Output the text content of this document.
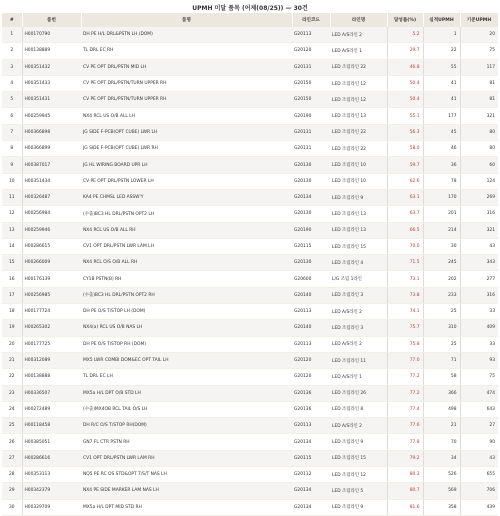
UPMH 미달 품목 (어제(08/25)) — 30건
#	품번	품명	라인코드	라인명	달성률(%)	실적UPMH	기준UPMH
1	H00170790	DH PE H/L DRL&PSTN LH (DOM)	G20113	LED A/S라인 2	5.2	1	20
2	H00138889	TL DRL EC RH	G20120	LED A/S라인 1	29.7	22	75
3	H00351432	CV PE OPT DRL/PSTN MID LH	G20131	LED 조립라인 22	46.8	55	117
4	H00351433	CV PE OPT DRL/PSTN/TURN UPPER RH	G20150	LED 조립라인 12	50.4	41	81
5	H00351431	CV PE OPT DRL/PSTN/TURN UPPER RH	G20150	LED 조립라인 12	50.4	41	81
6	H00259945	NX4 RCL US O/B ALL LH	G20190	LED 조립라인 13	55.1	177	321
7	H00366898	JG SIDE F-PCB(OPT CUBE) LWR LH	G20131	LED 조립라인 22	56.3	45	80
8	H00366899	JG SIDE F-PCB(OPT CUBE) LWR RH	G20131	LED 조립라인 22	58.0	46	80
9	H00387017	JG HL WIRING BOARD UPR LH	G20130	LED 조립라인 10	59.7	36	60
10	H00351434	CV PE OPT DRL/PSTN LOWER LH	G20130	LED 조립라인 10	62.6	78	124
11	H00326487	KA4 PE CHMSL LED ASSW'Y	G20134	LED 조립라인 9	63.1	170	269
12	H00256984	(수출)BC3 HL DRL/PSTN OPT2 LH	G20130	LED 조립라인 13	63.7	201	316
13	H00259946	NX4 RCL US O/B ALL RH	G20190	LED 조립라인 13	66.5	214	321
14	H00286615	CV1 OPT DRL/PSTN LWR LAM LH	G20115	LED 조립라인 15	70.0	30	43
15	H00266009	NX4 RCL O/S O/B ALL RH	G20130	LED 조립라인 4	71.5	245	343
16	H00176139	CY1B PSTN(B) RH	G20600	L/G 조립 1라인	73.1	202	277
17	H00256985	(수출)BC3 HL DRL/PSTN OPT2 RH	G20140	LED 조립라인 3	73.8	233	316
18	H00177724	DH PE O/S T/STOP LH (DOM)	G20113	LED A/S라인 2	74.1	25	33
19	H00265302	NX4(a) RCL US O/B NAS LH	G20140	LED 조립라인 3	75.7	310	409
20	H00177725	DH PE O/S T/STOP RH (DOM)	G20113	LED A/S라인 2	75.8	25	33
21	H00312089	MX5 LWR COMBI DOM&EC OPT TAIL LH	G20120	LED 조립라인 11	77.0	71	93
22	H00138888	TL DRL EC LH	G20120	LED A/S라인 1	77.2	58	75
23	H00336507	MX5a H/L DPT O/B STD LH	G20136	LED 조립라인 26	77.2	366	474
24	H00272489	(수출)MX4OB RCL TAIL O/S LH	G20136	LED 조립라인 8	77.4	498	643
25	H00118458	DH R/C O/S T/STOP RH(DOM)	G20113	LED A/S라인 2	77.6	21	27
26	H00385051	GN7 FL CTR PSTN RH	G20134	LED 조립라인 9	77.8	70	90
27	H00286616	CV1 OPT DRL/PSTN LWR LAM RH	G20115	LED 조립라인 15	79.2	34	43
28	H00353113	NQ5 PE RC OS STD&OPT T/S/T NAS LH	G20112	LED 조립라인 12	80.3	526	655
29	H00342379	NX4 PE SIDE MARKER LAM NAS LH	G20134	LED 조립라인 5	80.7	569	706
30	H00329709	MX5a H/L DPT MID STD RH	G20134	LED 조립라인 9	81.6	358	439
